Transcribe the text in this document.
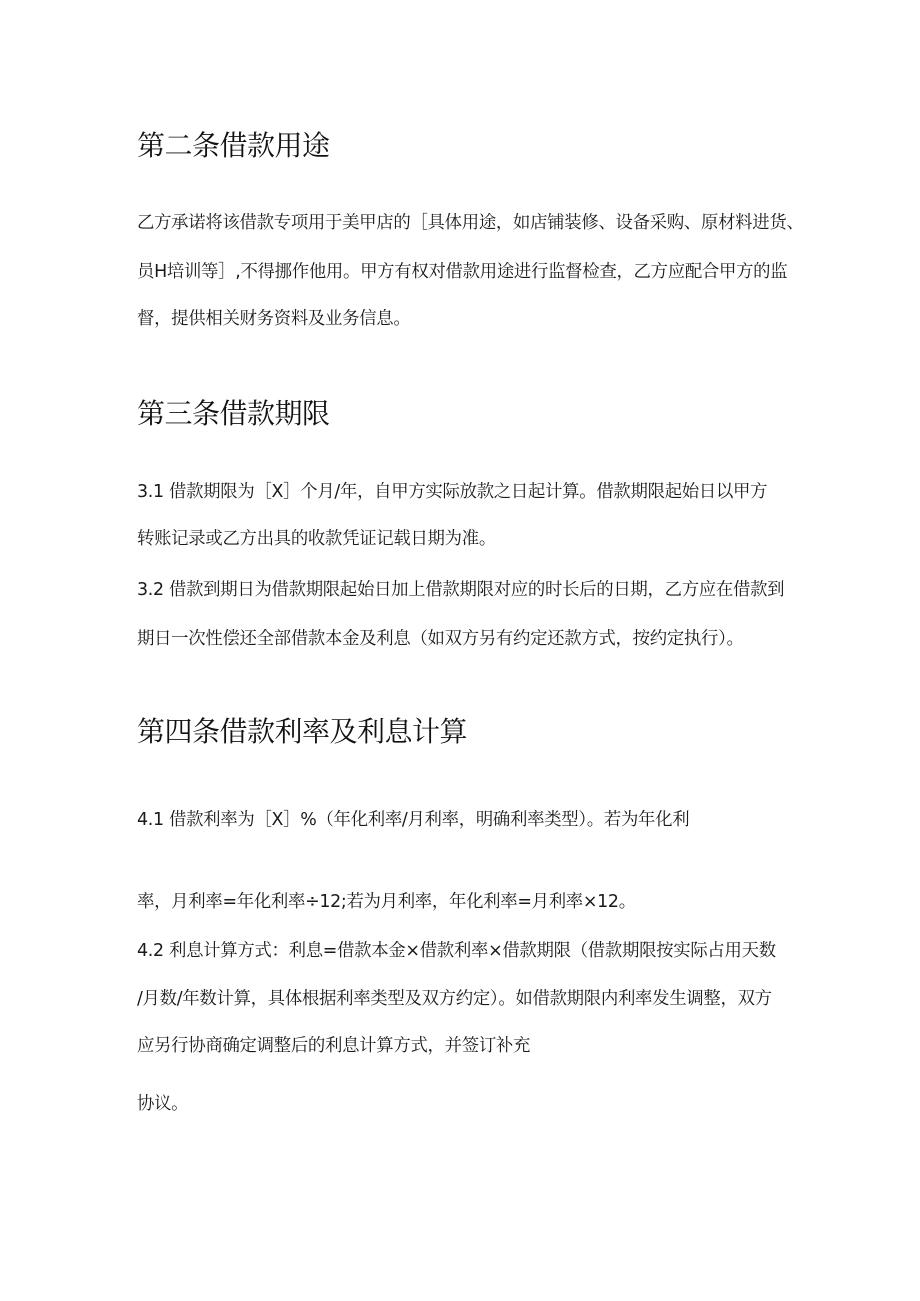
第二条借款用途

乙方承诺将该借款专项用于美甲店的［具体用途，如店铺装修、设备采购、原材料进货、

员H培训等］,不得挪作他用。甲方有权对借款用途进行监督检查，乙方应配合甲方的监

督，提供相关财务资料及业务信息。

第三条借款期限

3.1 借款期限为［X］个月/年，自甲方实际放款之日起计算。借款期限起始日以甲方

转账记录或乙方出具的收款凭证记载日期为准。

3.2 借款到期日为借款期限起始日加上借款期限对应的时长后的日期，乙方应在借款到

期日一次性偿还全部借款本金及利息（如双方另有约定还款方式，按约定执行）。

第四条借款利率及利息计算

4.1 借款利率为［X］%（年化利率/月利率，明确利率类型）。若为年化利

率，月利率=年化利率÷12;若为月利率，年化利率=月利率×12。

4.2 利息计算方式：利息=借款本金×借款利率×借款期限（借款期限按实际占用天数

/月数/年数计算，具体根据利率类型及双方约定）。如借款期限内利率发生调整，双方

应另行协商确定调整后的利息计算方式，并签订补充

协议。
